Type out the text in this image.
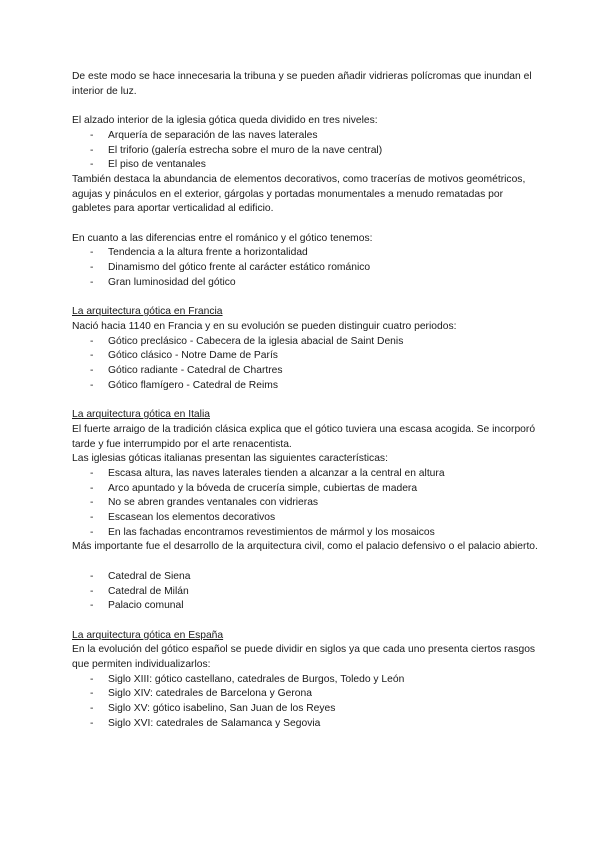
De este modo se hace innecesaria la tribuna y se pueden añadir vidrieras polícromas que inundan el interior de luz.

El alzado interior de la iglesia gótica queda dividido en tres niveles:

- Arquería de separación de las naves laterales
- El triforio (galería estrecha sobre el muro de la nave central)
- El piso de ventanales

También destaca la abundancia de elementos decorativos, como tracerías de motivos geométricos, agujas y pináculos en el exterior, gárgolas y portadas monumentales a menudo rematadas por gabletes para aportar verticalidad al edificio.

En cuanto a las diferencias entre el románico y el gótico tenemos:

- Tendencia a la altura frente a horizontalidad
- Dinamismo del gótico frente al carácter estático románico
- Gran luminosidad del gótico

La arquitectura gótica en Francia

Nació hacia 1140 en Francia y en su evolución se pueden distinguir cuatro periodos:

- Gótico preclásico - Cabecera de la iglesia abacial de Saint Denis
- Gótico clásico - Notre Dame de París
- Gótico radiante - Catedral de Chartres
- Gótico flamígero - Catedral de Reims

La arquitectura gótica en Italia

El fuerte arraigo de la tradición clásica explica que el gótico tuviera una escasa acogida. Se incorporó tarde y fue interrumpido por el arte renacentista.

Las iglesias góticas italianas presentan las siguientes características:

- Escasa altura, las naves laterales tienden a alcanzar a la central en altura
- Arco apuntado y la bóveda de crucería simple, cubiertas de madera
- No se abren grandes ventanales con vidrieras
- Escasean los elementos decorativos
- En las fachadas encontramos revestimientos de mármol y los mosaicos

Más importante fue el desarrollo de la arquitectura civil, como el palacio defensivo o el palacio abierto.

- Catedral de Siena
- Catedral de Milán
- Palacio comunal

La arquitectura gótica en España

En la evolución del gótico español se puede dividir en siglos ya que cada uno presenta ciertos rasgos que permiten individualizarlos:

- Siglo XIII: gótico castellano, catedrales de Burgos, Toledo y León
- Siglo XIV: catedrales de Barcelona y Gerona
- Siglo XV: gótico isabelino, San Juan de los Reyes
- Siglo XVI: catedrales de Salamanca y Segovia
